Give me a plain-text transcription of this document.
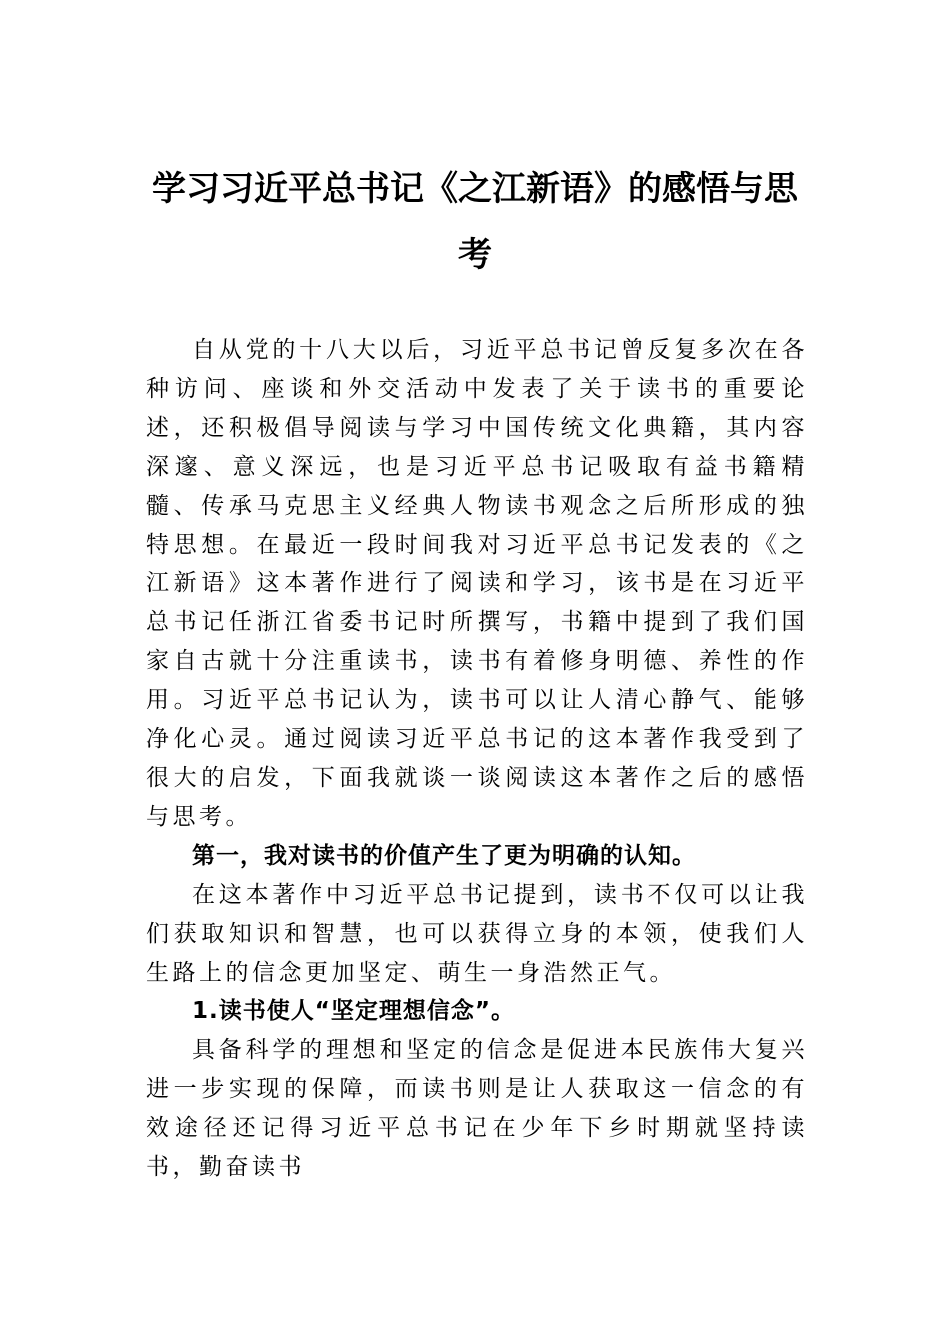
学习习近平总书记《之江新语》的感悟与思考

自从党的十八大以后，习近平总书记曾反复多次在各种访问、座谈和外交活动中发表了关于读书的重要论述，还积极倡导阅读与学习中国传统文化典籍，其内容深邃、意义深远，也是习近平总书记吸取有益书籍精髓、传承马克思主义经典人物读书观念之后所形成的独特思想。在最近一段时间我对习近平总书记发表的《之江新语》这本著作进行了阅读和学习，该书是在习近平总书记任浙江省委书记时所撰写，书籍中提到了我们国家自古就十分注重读书，读书有着修身明德、养性的作用。习近平总书记认为，读书可以让人清心静气、能够净化心灵。通过阅读习近平总书记的这本著作我受到了很大的启发，下面我就谈一谈阅读这本著作之后的感悟与思考。

第一，我对读书的价值产生了更为明确的认知。

在这本著作中习近平总书记提到，读书不仅可以让我们获取知识和智慧，也可以获得立身的本领，使我们人生路上的信念更加坚定、萌生一身浩然正气。

1.读书使人“坚定理想信念”。

具备科学的理想和坚定的信念是促进本民族伟大复兴进一步实现的保障，而读书则是让人获取这一信念的有效途径还记得习近平总书记在少年下乡时期就坚持读书，勤奋读书
